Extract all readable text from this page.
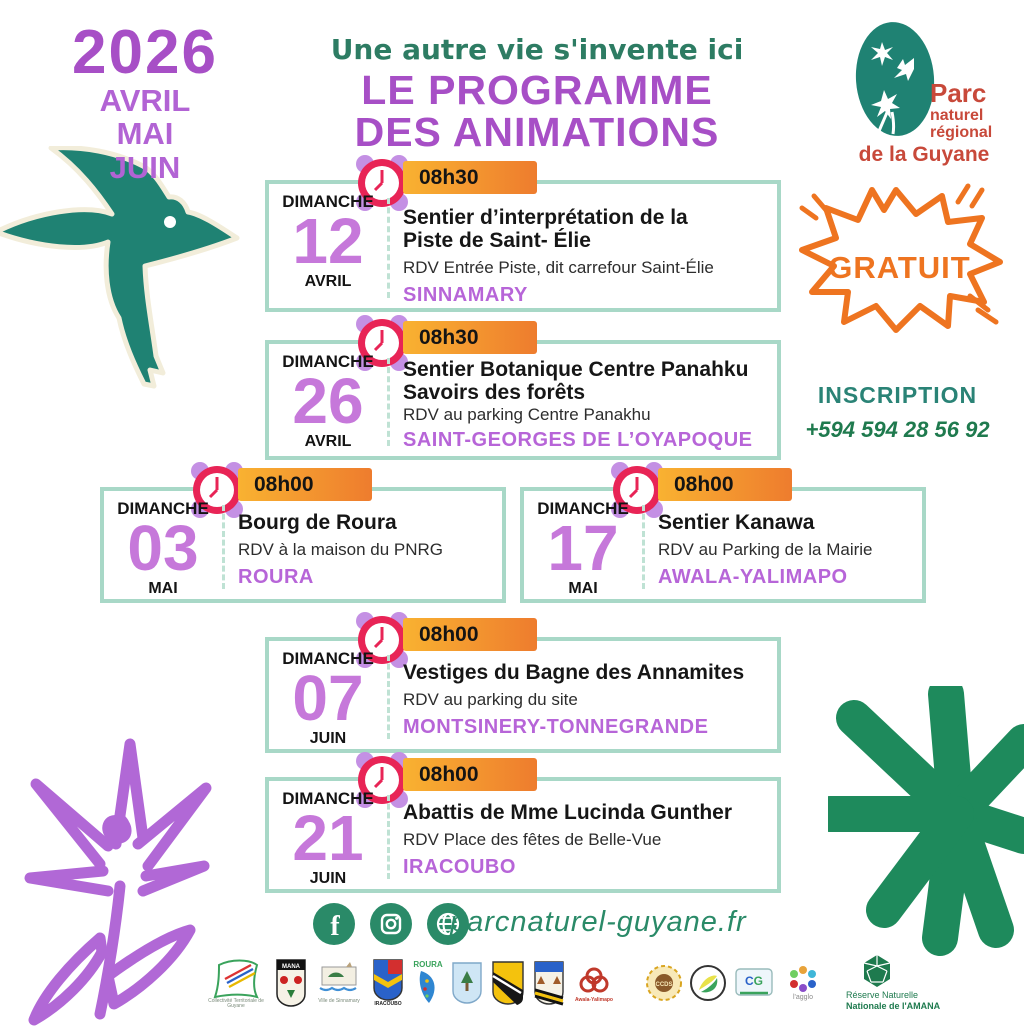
2026
AVRIL
MAI
JUIN
Une autre vie s'invente ici
LE PROGRAMME
DES ANIMATIONS
Parc
naturel
régional
de la Guyane
GRATUIT
INSCRIPTION
+594 594 28 56 92
08h30
DIMANCHE
12
AVRIL
Sentier d’interprétation de la
Piste de Saint- Élie
RDV Entrée Piste, dit carrefour Saint-Élie
SINNAMARY
08h30
DIMANCHE
26
AVRIL
Sentier Botanique Centre Panahku
Savoirs des forêts
RDV au parking Centre Panakhu
SAINT-GEORGES DE L’OYAPOQUE
08h00
DIMANCHE
03
MAI
Bourg de Roura
RDV à la maison du PNRG
ROURA
08h00
DIMANCHE
17
MAI
Sentier Kanawa
RDV au Parking de la Mairie
AWALA-YALIMAPO
08h00
DIMANCHE
07
JUIN
Vestiges du Bagne des Annamites
RDV au parking du site
MONTSINERY-TONNEGRANDE
08h00
DIMANCHE
21
JUIN
Abattis de Mme Lucinda Gunther
RDV Place des fêtes de Belle-Vue
IRACOUBO
f	parcnaturel-guyane.fr
Collectivité Territoriale de Guyane
MANA
Ville de Sinnamary	IRACOUBO
ROURA
Awala-Yalimapo
CCDS	CG
l'agglo	Réserve Naturelle
Nationale de l'AMANA
